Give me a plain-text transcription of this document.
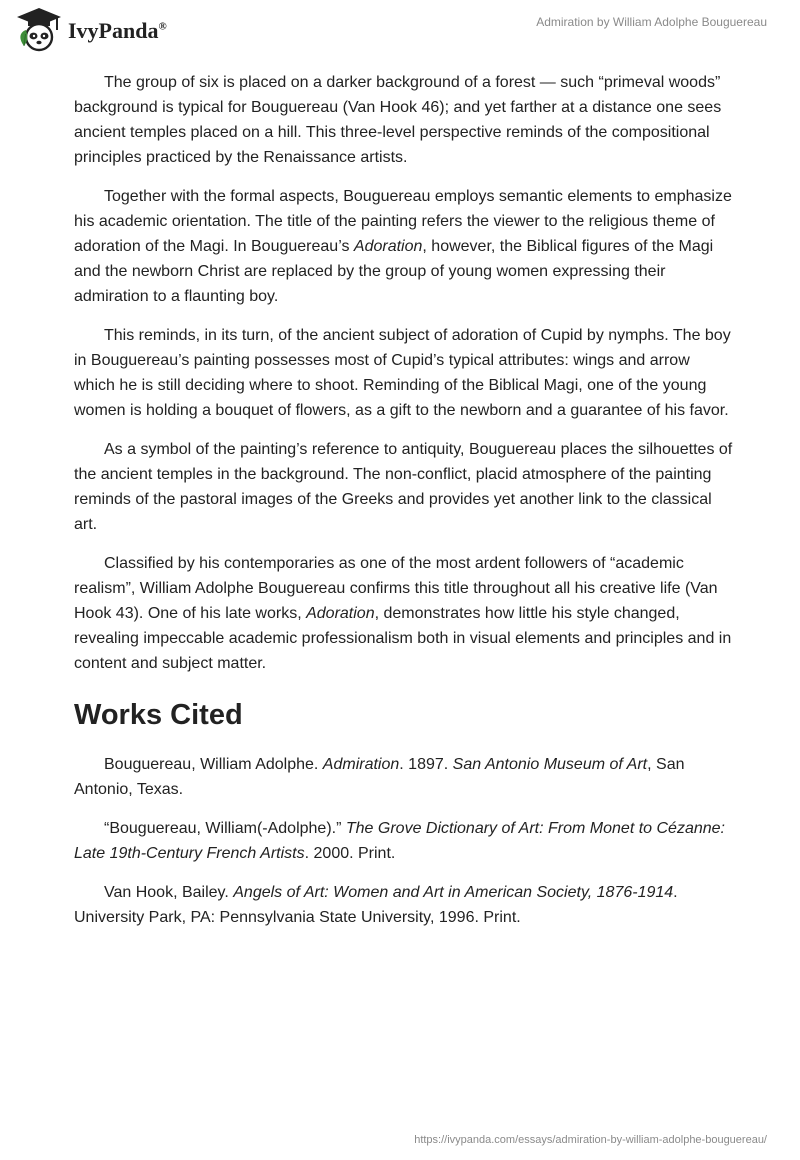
IvyPanda®	Admiration by William Adolphe Bouguereau

The group of six is placed on a darker background of a forest — such “primeval woods” background is typical for Bouguereau (Van Hook 46); and yet farther at a distance one sees ancient temples placed on a hill. This three-level perspective reminds of the compositional principles practiced by the Renaissance artists.

Together with the formal aspects, Bouguereau employs semantic elements to emphasize his academic orientation. The title of the painting refers the viewer to the religious theme of adoration of the Magi. In Bouguereau’s Adoration, however, the Biblical figures of the Magi and the newborn Christ are replaced by the group of young women expressing their admiration to a flaunting boy.

This reminds, in its turn, of the ancient subject of adoration of Cupid by nymphs. The boy in Bouguereau’s painting possesses most of Cupid’s typical attributes: wings and arrow which he is still deciding where to shoot. Reminding of the Biblical Magi, one of the young women is holding a bouquet of flowers, as a gift to the newborn and a guarantee of his favor.

As a symbol of the painting’s reference to antiquity, Bouguereau places the silhouettes of the ancient temples in the background. The non-conflict, placid atmosphere of the painting reminds of the pastoral images of the Greeks and provides yet another link to the classical art.

Classified by his contemporaries as one of the most ardent followers of “academic realism”, William Adolphe Bouguereau confirms this title throughout all his creative life (Van Hook 43). One of his late works, Adoration, demonstrates how little his style changed, revealing impeccable academic professionalism both in visual elements and principles and in content and subject matter.

Works Cited

Bouguereau, William Adolphe. Admiration. 1897. San Antonio Museum of Art, San Antonio, Texas.

“Bouguereau, William(-Adolphe).” The Grove Dictionary of Art: From Monet to Cézanne: Late 19th-Century French Artists. 2000. Print.

Van Hook, Bailey. Angels of Art: Women and Art in American Society, 1876-1914. University Park, PA: Pennsylvania State University, 1996. Print.

https://ivypanda.com/essays/admiration-by-william-adolphe-bouguereau/
